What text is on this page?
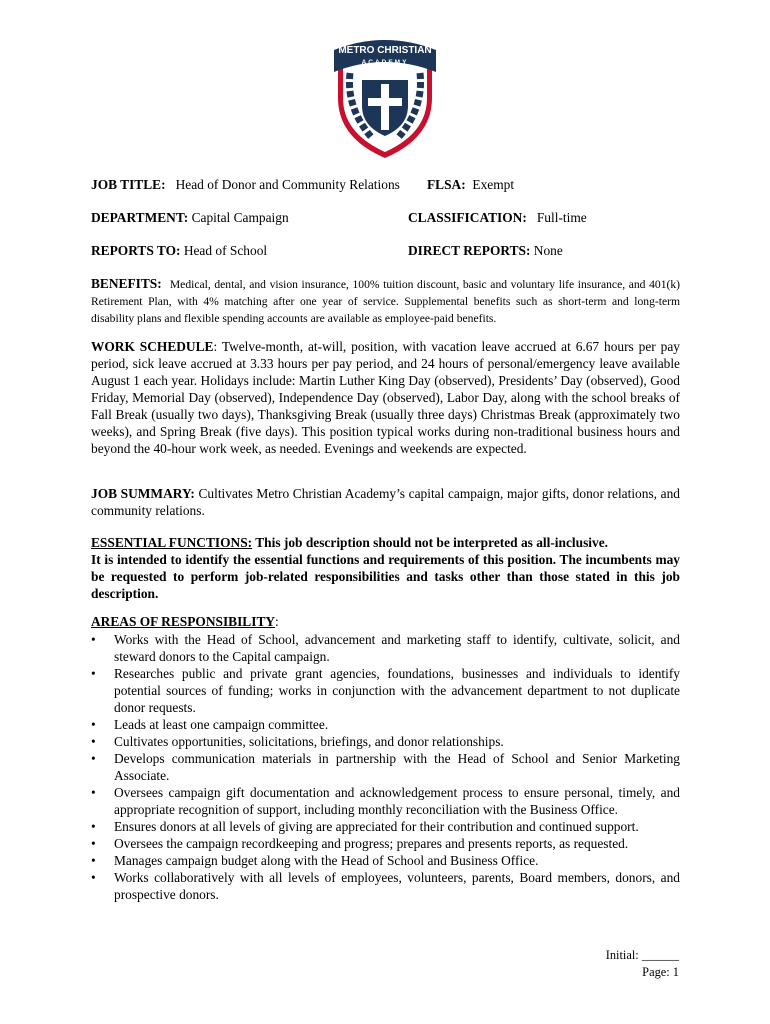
METRO CHRISTIAN
ACADEMY
EST.	1990
JOB TITLE: Head of Donor and Community Relations FLSA: Exempt
DEPARTMENT: Capital Campaign	CLASSIFICATION: Full-time
REPORTS TO: Head of School	DIRECT REPORTS: None
BENEFITS: Medical, dental, and vision insurance, 100% tuition discount, basic and voluntary life insurance, and 401(k) Retirement Plan, with 4% matching after one year of service. Supplemental benefits such as short-term and long-term disability plans and flexible spending accounts are available as employee-paid benefits.
WORK SCHEDULE: Twelve-month, at-will, position, with vacation leave accrued at 6.67 hours per pay period, sick leave accrued at 3.33 hours per pay period, and 24 hours of personal/emergency leave available August 1 each year. Holidays include: Martin Luther King Day (observed), Presidents’ Day (observed), Good Friday, Memorial Day (observed), Independence Day (observed), Labor Day, along with the school breaks of Fall Break (usually two days), Thanksgiving Break (usually three days) Christmas Break (approximately two weeks), and Spring Break (five days). This position typical works during non-traditional business hours and beyond the 40-hour work week, as needed. Evenings and weekends are expected.
JOB SUMMARY: Cultivates Metro Christian Academy’s capital campaign, major gifts, donor relations, and community relations.
ESSENTIAL FUNCTIONS: This job description should not be interpreted as all-inclusive.
It is intended to identify the essential functions and requirements of this position. The incumbents may be requested to perform job-related responsibilities and tasks other than those stated in this job description.
AREAS OF RESPONSIBILITY:
• Works with the Head of School, advancement and marketing staff to identify, cultivate, solicit, and steward donors to the Capital campaign.
• Researches public and private grant agencies, foundations, businesses and individuals to identify potential sources of funding; works in conjunction with the advancement department to not duplicate donor requests.
• Leads at least one campaign committee.
• Cultivates opportunities, solicitations, briefings, and donor relationships.
• Develops communication materials in partnership with the Head of School and Senior Marketing Associate.
• Oversees campaign gift documentation and acknowledgement process to ensure personal, timely, and appropriate recognition of support, including monthly reconciliation with the Business Office.
• Ensures donors at all levels of giving are appreciated for their contribution and continued support.
• Oversees the campaign recordkeeping and progress; prepares and presents reports, as requested.
• Manages campaign budget along with the Head of School and Business Office.
• Works collaboratively with all levels of employees, volunteers, parents, Board members, donors, and prospective donors.
Initial: ______
Page: 1
